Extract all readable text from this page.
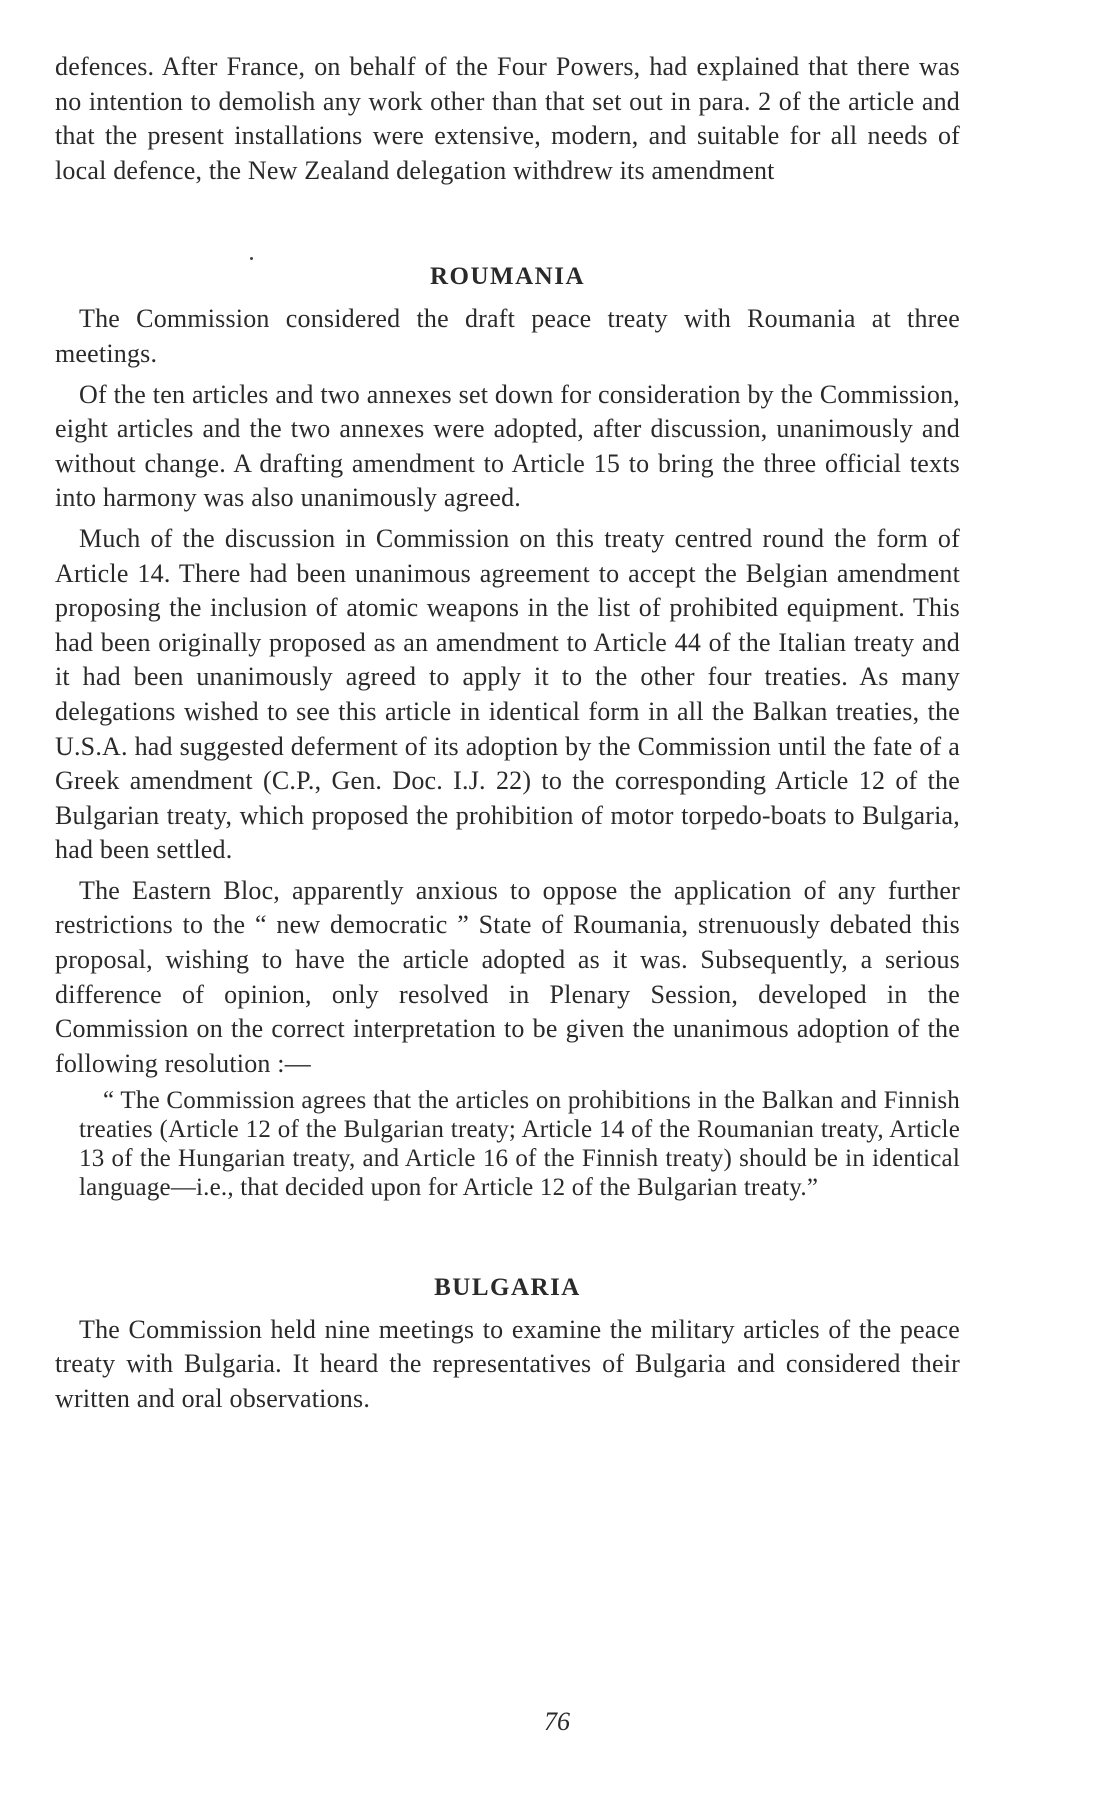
defences. After France, on behalf of the Four Powers, had explained that there was no intention to demolish any work other than that set out in para. 2 of the article and that the present installations were extensive, modern, and suitable for all needs of local defence, the New Zealand delegation withdrew its amendment

ROUMANIA

The Commission considered the draft peace treaty with Roumania at three meetings.

Of the ten articles and two annexes set down for consideration by the Commission, eight articles and the two annexes were adopted, after discussion, unanimously and without change. A drafting amendment to Article 15 to bring the three official texts into harmony was also unanimously agreed.

Much of the discussion in Commission on this treaty centred round the form of Article 14. There had been unanimous agreement to accept the Belgian amendment proposing the inclusion of atomic weapons in the list of prohibited equipment. This had been originally proposed as an amendment to Article 44 of the Italian treaty and it had been unanimously agreed to apply it to the other four treaties. As many delegations wished to see this article in identical form in all the Balkan treaties, the U.S.A. had suggested deferment of its adoption by the Commission until the fate of a Greek amendment (C.P., Gen. Doc. I.J. 22) to the corresponding Article 12 of the Bulgarian treaty, which proposed the prohibition of motor torpedo-boats to Bulgaria, had been settled.

The Eastern Bloc, apparently anxious to oppose the application of any further restrictions to the “ new democratic ” State of Roumania, strenuously debated this proposal, wishing to have the article adopted as it was. Subsequently, a serious difference of opinion, only resolved in Plenary Session, developed in the Commission on the correct interpretation to be given the unanimous adoption of the following resolution :—

“ The Commission agrees that the articles on prohibitions in the Balkan and Finnish treaties (Article 12 of the Bulgarian treaty; Article 14 of the Roumanian treaty, Article 13 of the Hungarian treaty, and Article 16 of the Finnish treaty) should be in identical language—i.e., that decided upon for Article 12 of the Bulgarian treaty.”

BULGARIA

The Commission held nine meetings to examine the military articles of the peace treaty with Bulgaria. It heard the representatives of Bulgaria and considered their written and oral observations.

76
